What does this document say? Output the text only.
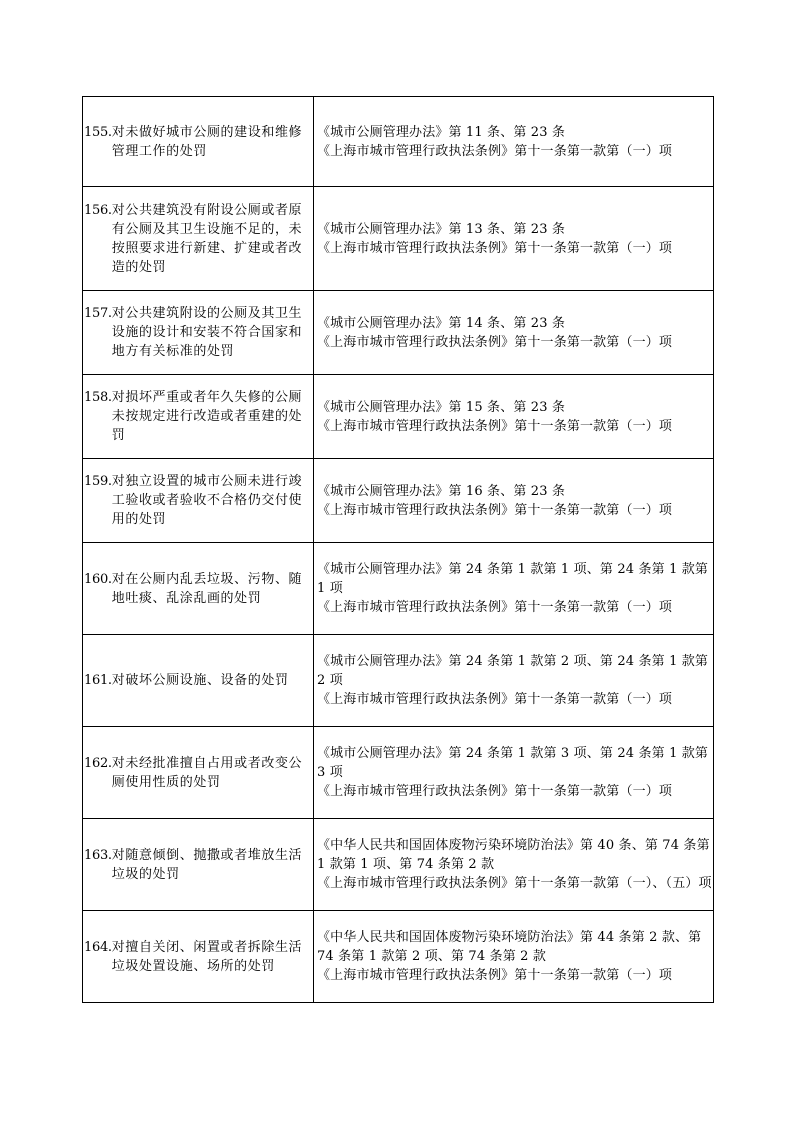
155. 对未做好城市公厕的建设和维修管理工作的处罚	《城市公厕管理办法》第 11 条、第 23 条
《上海市城市管理行政执法条例》第十一条第一款第（一）项

156. 对公共建筑没有附设公厕或者原有公厕及其卫生设施不足的，未按照要求进行新建、扩建或者改造的处罚	《城市公厕管理办法》第 13 条、第 23 条
《上海市城市管理行政执法条例》第十一条第一款第（一）项

157. 对公共建筑附设的公厕及其卫生设施的设计和安装不符合国家和地方有关标准的处罚	《城市公厕管理办法》第 14 条、第 23 条
《上海市城市管理行政执法条例》第十一条第一款第（一）项

158. 对损坏严重或者年久失修的公厕未按规定进行改造或者重建的处罚	《城市公厕管理办法》第 15 条、第 23 条
《上海市城市管理行政执法条例》第十一条第一款第（一）项

159. 对独立设置的城市公厕未进行竣工验收或者验收不合格仍交付使用的处罚	《城市公厕管理办法》第 16 条、第 23 条
《上海市城市管理行政执法条例》第十一条第一款第（一）项

160. 对在公厕内乱丢垃圾、污物、随地吐痰、乱涂乱画的处罚	《城市公厕管理办法》第 24 条第 1 款第 1 项、第 24 条第 1 款第 1 项
《上海市城市管理行政执法条例》第十一条第一款第（一）项

161. 对破坏公厕设施、设备的处罚	《城市公厕管理办法》第 24 条第 1 款第 2 项、第 24 条第 1 款第 2 项
《上海市城市管理行政执法条例》第十一条第一款第（一）项

162. 对未经批准擅自占用或者改变公厕使用性质的处罚	《城市公厕管理办法》第 24 条第 1 款第 3 项、第 24 条第 1 款第 3 项
《上海市城市管理行政执法条例》第十一条第一款第（一）项

163. 对随意倾倒、抛撒或者堆放生活垃圾的处罚	《中华人民共和国固体废物污染环境防治法》第 40 条、第 74 条第 1 款第 1 项、第 74 条第 2 款
《上海市城市管理行政执法条例》第十一条第一款第（一）、（五）项

164. 对擅自关闭、闲置或者拆除生活垃圾处置设施、场所的处罚	《中华人民共和国固体废物污染环境防治法》第 44 条第 2 款、第 74 条第 1 款第 2 项、第 74 条第 2 款
《上海市城市管理行政执法条例》第十一条第一款第（一）项
